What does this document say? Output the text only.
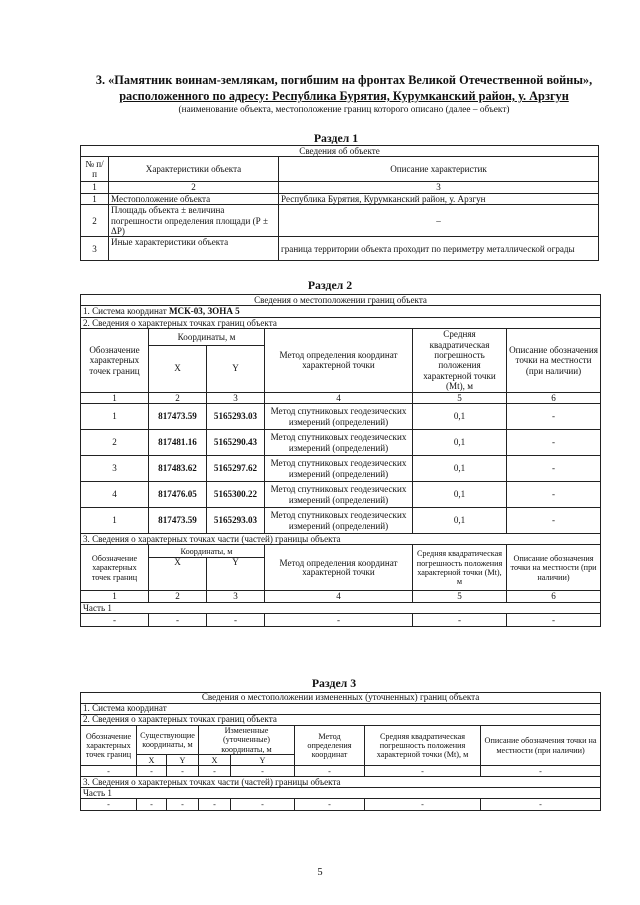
3. «Памятник воинам-землякам, погибшим на фронтах Великой Отечественной войны»,
расположенного по адресу: Республика Бурятия, Курумканский район, у. Арзгун
(наименование объекта, местоположение границ которого описано (далее – объект)
Раздел 1
Сведения об объекте		
№ п/п	Характеристики объекта	Описание характеристик
1	2	3
1	Местоположение объекта	Республика Бурятия, Курумканский район, у. Арзгун
2	Площадь объекта ± величина погрешности определения площади (Р ± ΔР)	–
3	Иные характеристики объекта	граница территории объекта проходит по периметру металлической ограды
Раздел 2
Сведения о местоположении границ объекта					
1. Система координат МСК-03, ЗОНА 5					
2. Сведения о характерных точках границ объекта					
Обозначение характерных точек границ	Координаты, м		Метод определения координат характерной точки	Средняя квадратическая погрешность положения характерной точки (Mt), м	Описание обозначения точки на местности (при наличии)
	X	Y			
1	2	3	4	5	6
1	817473.59	5165293.03	Метод спутниковых геодезических измерений (определений)	0,1	-
2	817481.16	5165290.43	Метод спутниковых геодезических измерений (определений)	0,1	-
3	817483.62	5165297.62	Метод спутниковых геодезических измерений (определений)	0,1	-
4	817476.05	5165300.22	Метод спутниковых геодезических измерений (определений)	0,1	-
1	817473.59	5165293.03	Метод спутниковых геодезических измерений (определений)	0,1	-
3. Сведения о характерных точках части (частей) границы объекта					
Обозначение характерных точек границ	Координаты, м		Метод определения координат характерной точки	Средняя квадратическая погрешность положения характерной точки (Mt), м	Описание обозначения точки на местности (при наличии)
	X	Y			
1	2	3	4	5	6
Часть 1					
-	-	-	-	-	-
Раздел 3
Сведения о местоположении измененных (уточненных) границ объекта							
1. Система координат							
2. Сведения о характерных точках границ объекта							
Обозначение характерных точек границ	Существующие координаты, м		Измененные (уточненные) координаты, м		Метод определения координат	Средняя квадратическая погрешность положения характерной точки (Mt), м	Описание обозначения точки на местности (при наличии)
	X	Y	X	Y			
-	-	-	-	-	-	-	-
3. Сведения о характерных точках части (частей) границы объекта							
Часть 1							
-	-	-	-	-	-	-	-
5
